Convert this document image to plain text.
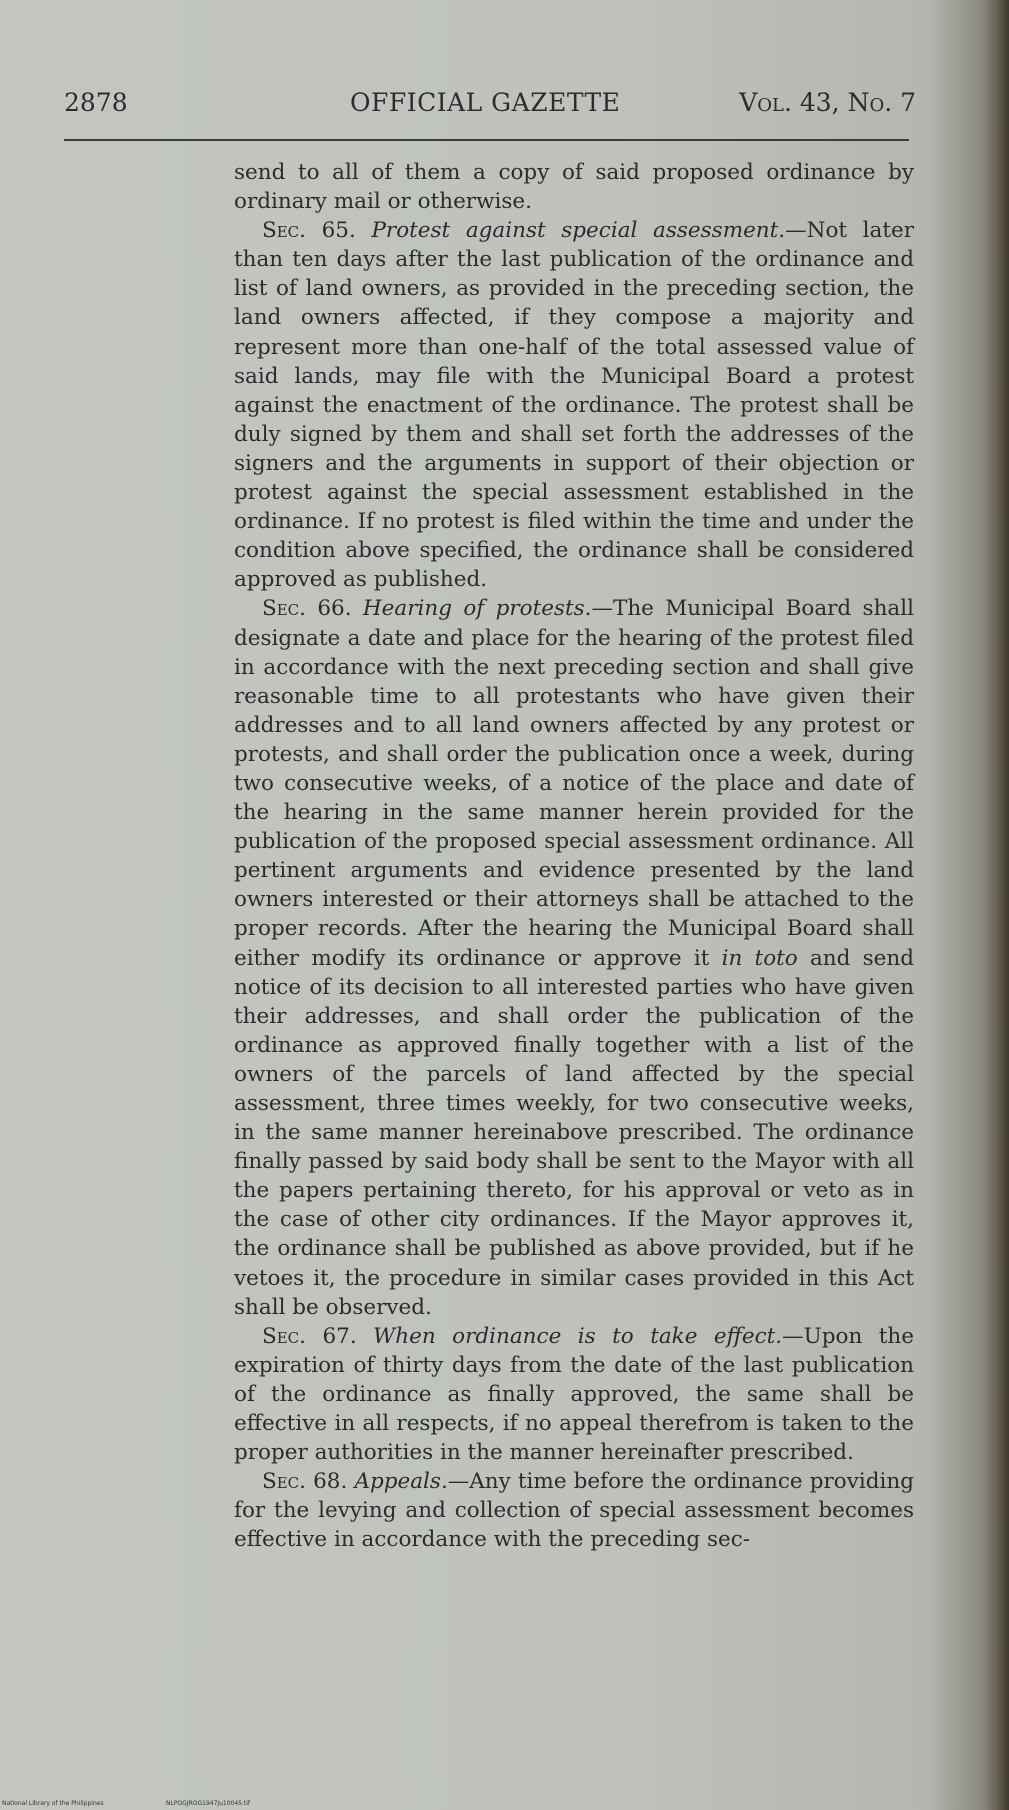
2878	OFFICIAL GAZETTE	Vol. 43, No. 7

send to all of them a copy of said proposed ordinance by ordinary mail or otherwise.

Sec. 65. Protest against special assessment.—Not later than ten days after the last publication of the ordinance and list of land owners, as provided in the preceding section, the land owners affected, if they compose a majority and represent more than one-half of the total assessed value of said lands, may file with the Municipal Board a protest against the enactment of the ordinance. The protest shall be duly signed by them and shall set forth the addresses of the signers and the arguments in support of their objection or protest against the special assessment established in the ordinance. If no protest is filed within the time and under the condition above specified, the ordinance shall be considered approved as published.

Sec. 66. Hearing of protests.—The Municipal Board shall designate a date and place for the hearing of the protest filed in accordance with the next preceding section and shall give reasonable time to all protestants who have given their addresses and to all land owners affected by any protest or protests, and shall order the publication once a week, during two consecutive weeks, of a notice of the place and date of the hearing in the same manner herein provided for the publication of the proposed special assessment ordinance. All pertinent arguments and evidence presented by the land owners interested or their attorneys shall be attached to the proper records. After the hearing the Municipal Board shall either modify its ordinance or approve it in toto and send notice of its decision to all interested parties who have given their addresses, and shall order the publication of the ordinance as approved finally together with a list of the owners of the parcels of land affected by the special assessment, three times weekly, for two consecutive weeks, in the same manner hereinabove prescribed. The ordinance finally passed by said body shall be sent to the Mayor with all the papers pertaining thereto, for his approval or veto as in the case of other city ordinances. If the Mayor approves it, the ordinance shall be published as above provided, but if he vetoes it, the procedure in similar cases provided in this Act shall be observed.

Sec. 67. When ordinance is to take effect.—Upon the expiration of thirty days from the date of the last publication of the ordinance as finally approved, the same shall be effective in all respects, if no appeal therefrom is taken to the proper authorities in the manner hereinafter prescribed.

Sec. 68. Appeals.—Any time before the ordinance providing for the levying and collection of special assessment becomes effective in accordance with the preceding sec-

National Library of the Philippines	NLPOGJROG1947ju10045.tif
